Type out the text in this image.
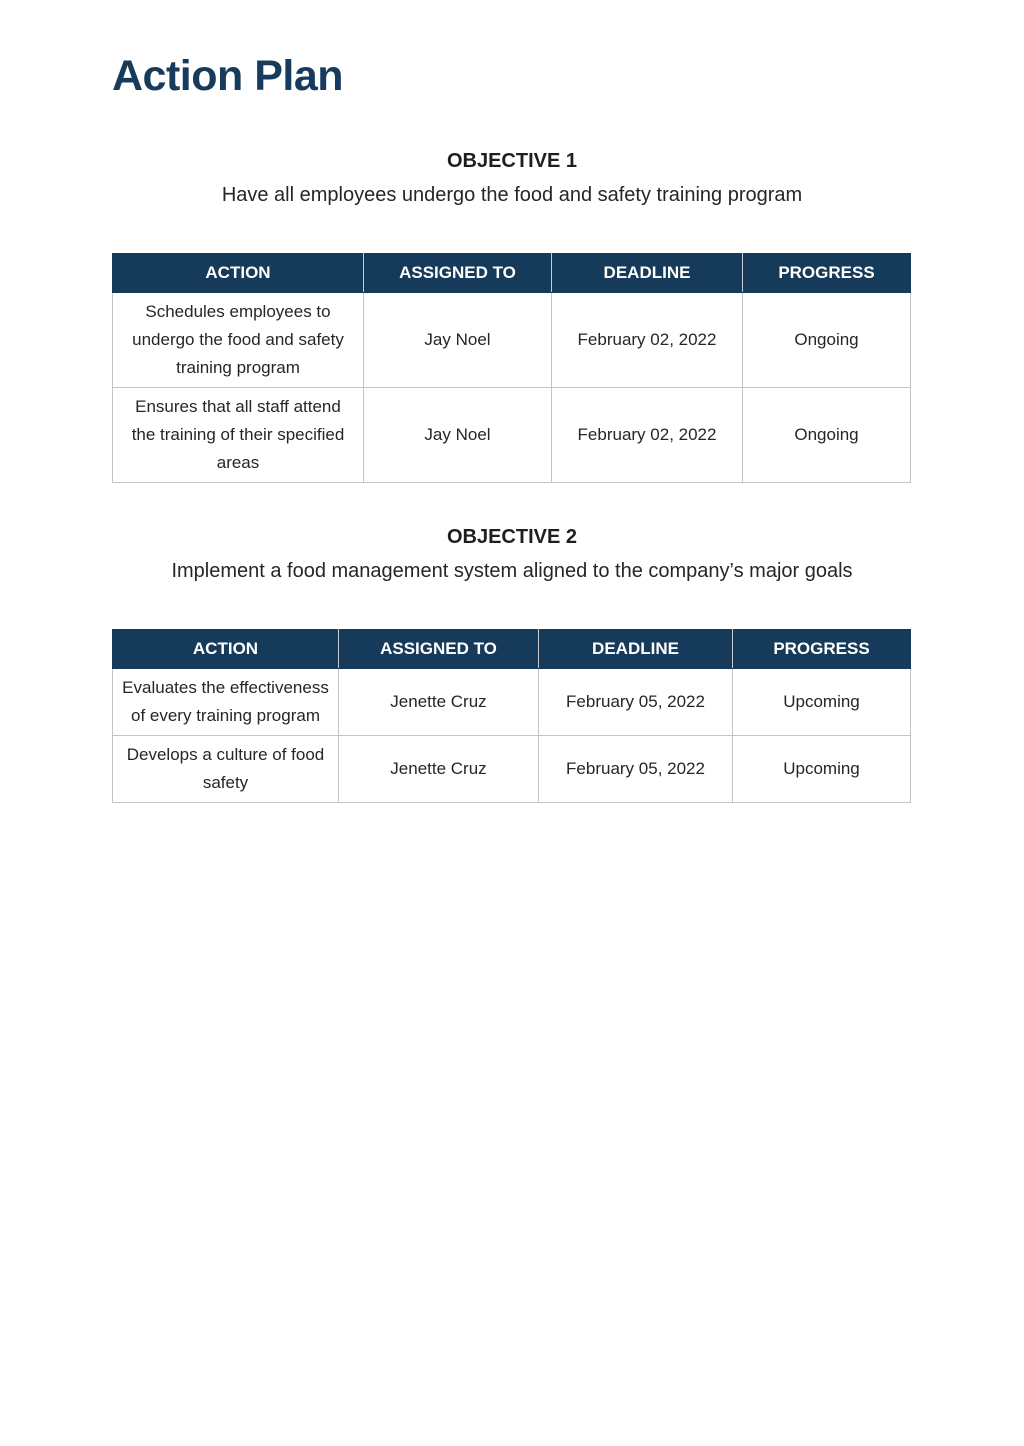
Action Plan
OBJECTIVE 1
Have all employees undergo the food and safety training program
ACTION	ASSIGNED TO	DEADLINE	PROGRESS
Schedules employees to undergo the food and safety training program	Jay Noel	February 02, 2022	Ongoing
Ensures that all staff attend the training of their specified areas	Jay Noel	February 02, 2022	Ongoing
OBJECTIVE 2
Implement a food management system aligned to the company’s major goals
ACTION	ASSIGNED TO	DEADLINE	PROGRESS
Evaluates the effectiveness of every training program	Jenette Cruz	February 05, 2022	Upcoming
Develops a culture of food safety	Jenette Cruz	February 05, 2022	Upcoming
